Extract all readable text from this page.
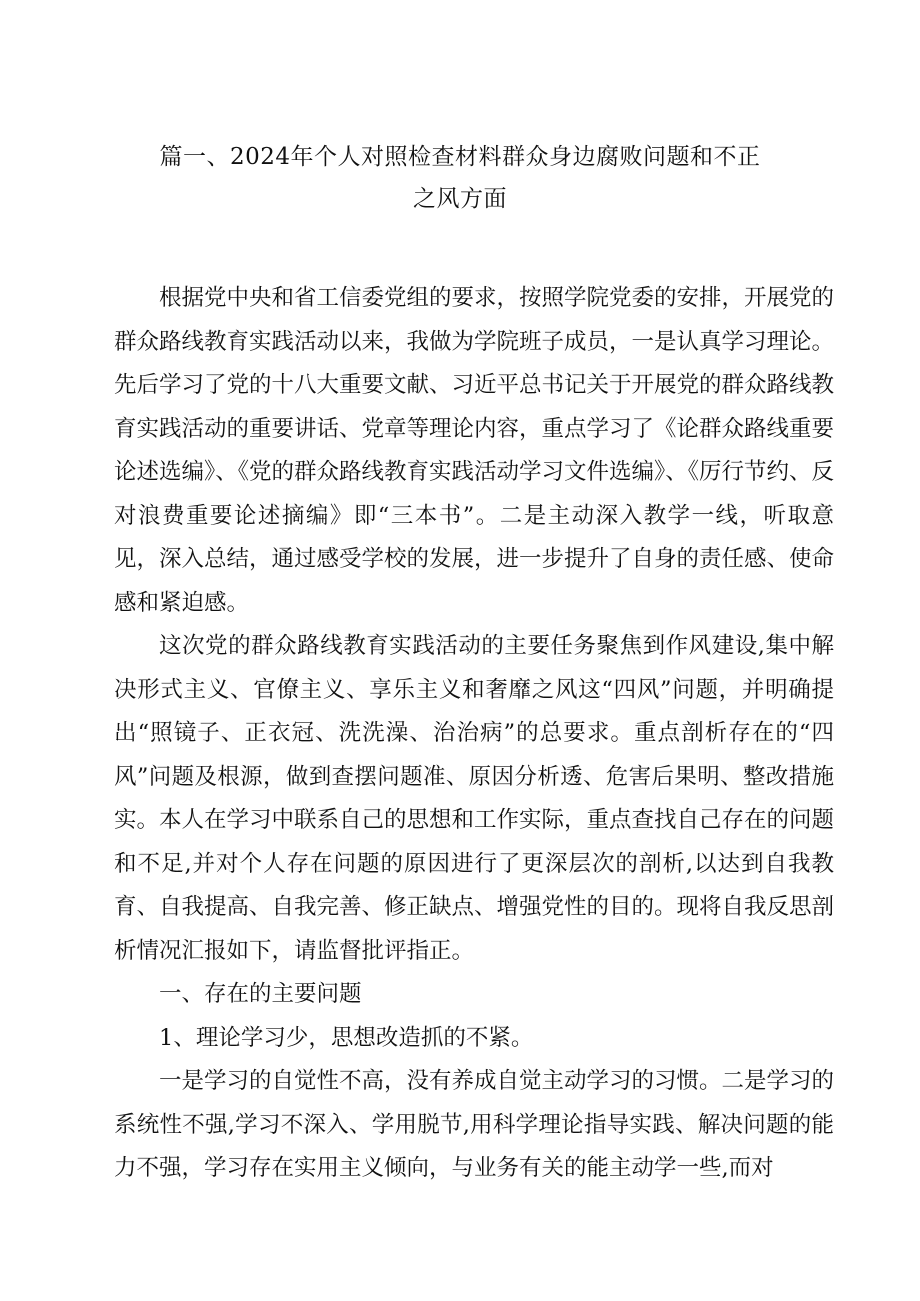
篇一、2024年个人对照检查材料群众身边腐败问题和不正
之风方面

根据党中央和省工信委党组的要求，按照学院党委的安排，开展党的群众路线教育实践活动以来，我做为学院班子成员，一是认真学习理论。先后学习了党的十八大重要文献、习近平总书记关于开展党的群众路线教育实践活动的重要讲话、党章等理论内容，重点学习了《论群众路线重要论述选编》、《党的群众路线教育实践活动学习文件选编》、《厉行节约、反对浪费重要论述摘编》即“三本书”。二是主动深入教学一线，听取意见，深入总结，通过感受学校的发展，进一步提升了自身的责任感、使命感和紧迫感。

这次党的群众路线教育实践活动的主要任务聚焦到作风建设,集中解决形式主义、官僚主义、享乐主义和奢靡之风这“四风”问题，并明确提出“照镜子、正衣冠、洗洗澡、治治病”的总要求。重点剖析存在的“四风”问题及根源，做到查摆问题准、原因分析透、危害后果明、整改措施实。本人在学习中联系自己的思想和工作实际，重点查找自己存在的问题和不足,并对个人存在问题的原因进行了更深层次的剖析,以达到自我教育、自我提高、自我完善、修正缺点、增强党性的目的。现将自我反思剖析情况汇报如下，请监督批评指正。

一、存在的主要问题

1、理论学习少，思想改造抓的不紧。

一是学习的自觉性不高，没有养成自觉主动学习的习惯。二是学习的系统性不强,学习不深入、学用脱节,用科学理论指导实践、解决问题的能力不强，学习存在实用主义倾向，与业务有关的能主动学一些,而对
